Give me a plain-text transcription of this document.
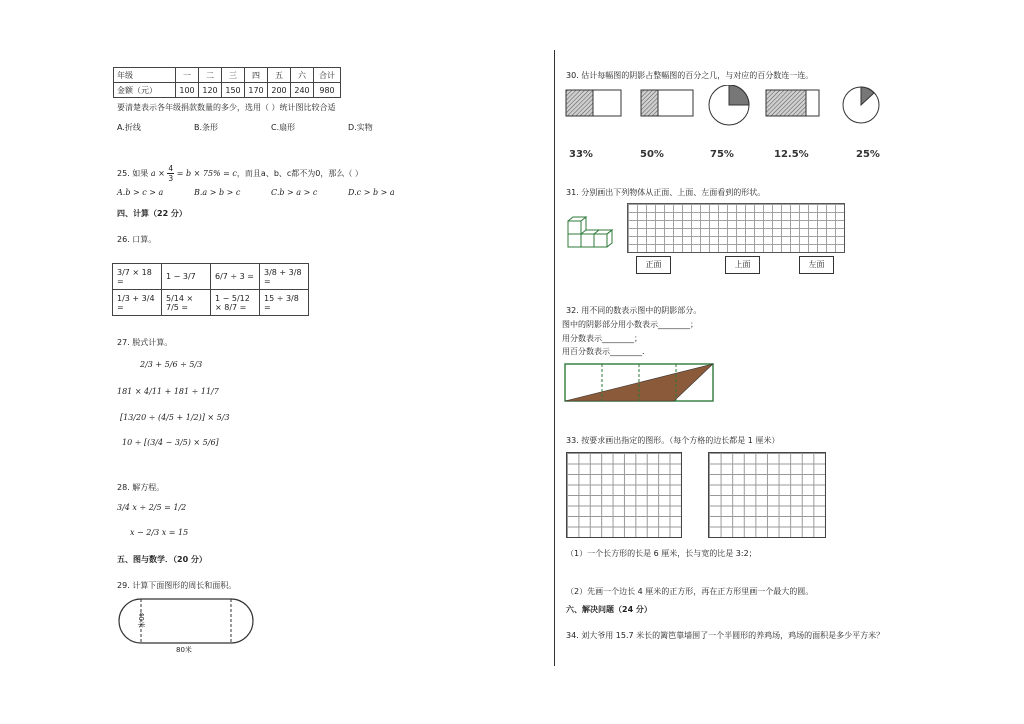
年级	一	二	三	四	五	六	合计
金额（元）	100	120	150	170	200	240	980
要清楚表示各年级捐款数量的多少，选用（ ）统计图比较合适
A.折线	B.条形	C.扇形	D.实物
25. 如果 $a \times \frac{4}{3} = b \times 75\% = c$，而且a、b、c都不为0，那么（ ）
A.b > c > a	B.a > b > c	C.b > a > c	D.c > b > a
四、计算（22 分）
26. 口算。
3/7 × 18 =	1 − 3/7	6/7 ÷ 3 =	3/8 + 3/8 =
1/3 + 3/4 =	5/14 × 7/5 =	1 − 5/12 × 8/7 =	15 ÷ 3/8 =
27. 脱式计算。
2/3 + 5/6 ÷ 5/3
181 × 4/11 + 181 ÷ 11/7
[13/20 ÷ (4/5 + 1/2)] × 5/3
10 ÷ [(3/4 − 3/5) × 5/6]
28. 解方程。
3/4 x ÷ 2/5 = 1/2
x − 2/3 x = 15
五、图与数学．（20 分）
29. 计算下面图形的周长和面积。
40米
80米
30. 估计每幅图的阴影占整幅图的百分之几，与对应的百分数连一连。
33%	50%	75%	12.5%	25%
31. 分别画出下列物体从正面、上面、左面看到的形状。
正面	上面	左面
32. 用不同的数表示图中的阴影部分。
图中的阴影部分用小数表示________；
用分数表示________；
用百分数表示________．
33. 按要求画出指定的图形。（每个方格的边长都是 1 厘米）
（1）一个长方形的长是 6 厘米，长与宽的比是 3:2；
（2）先画一个边长 4 厘米的正方形，再在正方形里画一个最大的圆。
六、解决问题（24 分）
34. 刘大爷用 15.7 米长的篱笆靠墙围了一个半圆形的养鸡场，鸡场的面积是多少平方米？
